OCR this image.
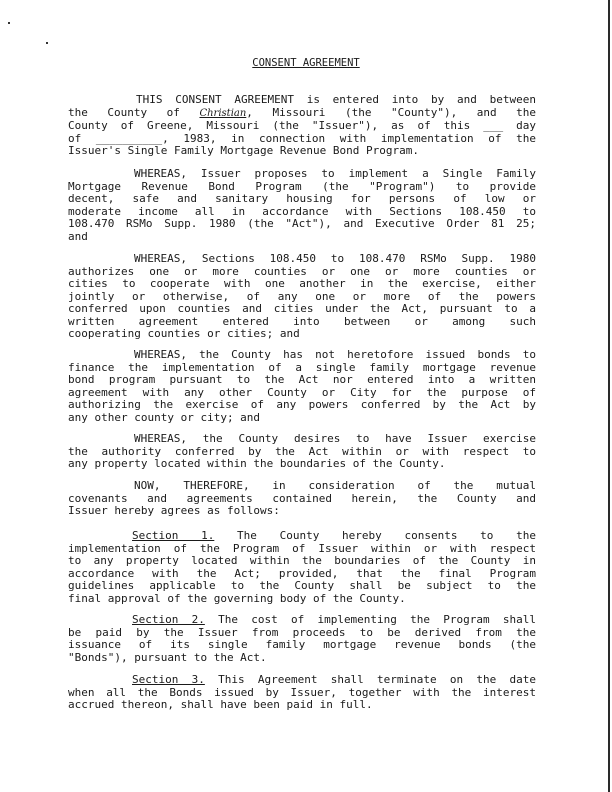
CONSENT AGREEMENT
THIS CONSENT AGREEMENT is entered into by and between
the County of Christian, Missouri (the "County"), and the
County of Greene, Missouri (the "Issuer"), as of this ___ day
of __________, 1983, in connection with implementation of the
Issuer's Single Family Mortgage Revenue Bond Program.
WHEREAS, Issuer proposes to implement a Single Family
Mortgage Revenue Bond Program (the "Program") to provide
decent, safe and sanitary housing for persons of low or
moderate income all in accordance with Sections 108.450 to
108.470 RSMo Supp. 1980 (the "Act"), and Executive Order 81 25;
and
WHEREAS, Sections 108.450 to 108.470 RSMo Supp. 1980
authorizes one or more counties or one or more counties or
cities to cooperate with one another in the exercise, either
jointly or otherwise, of any one or more of the powers
conferred upon counties and cities under the Act, pursuant to a
written agreement entered into between or among such
cooperating counties or cities; and
WHEREAS, the County has not heretofore issued bonds to
finance the implementation of a single family mortgage revenue
bond program pursuant to the Act nor entered into a written
agreement with any other County or City for the purpose of
authorizing the exercise of any powers conferred by the Act by
any other county or city; and
WHEREAS, the County desires to have Issuer exercise
the authority conferred by the Act within or with respect to
any property located within the boundaries of the County.
NOW, THEREFORE, in consideration of the mutual
covenants and agreements contained herein, the County and
Issuer hereby agrees as follows:
Section 1. The County hereby consents to the
implementation of the Program of Issuer within or with respect
to any property located within the boundaries of the County in
accordance with the Act; provided, that the final Program
guidelines applicable to the County shall be subject to the
final approval of the governing body of the County.
Section 2. The cost of implementing the Program shall
be paid by the Issuer from proceeds to be derived from the
issuance of its single family mortgage revenue bonds (the
"Bonds"), pursuant to the Act.
Section 3. This Agreement shall terminate on the date
when all the Bonds issued by Issuer, together with the interest
accrued thereon, shall have been paid in full.
